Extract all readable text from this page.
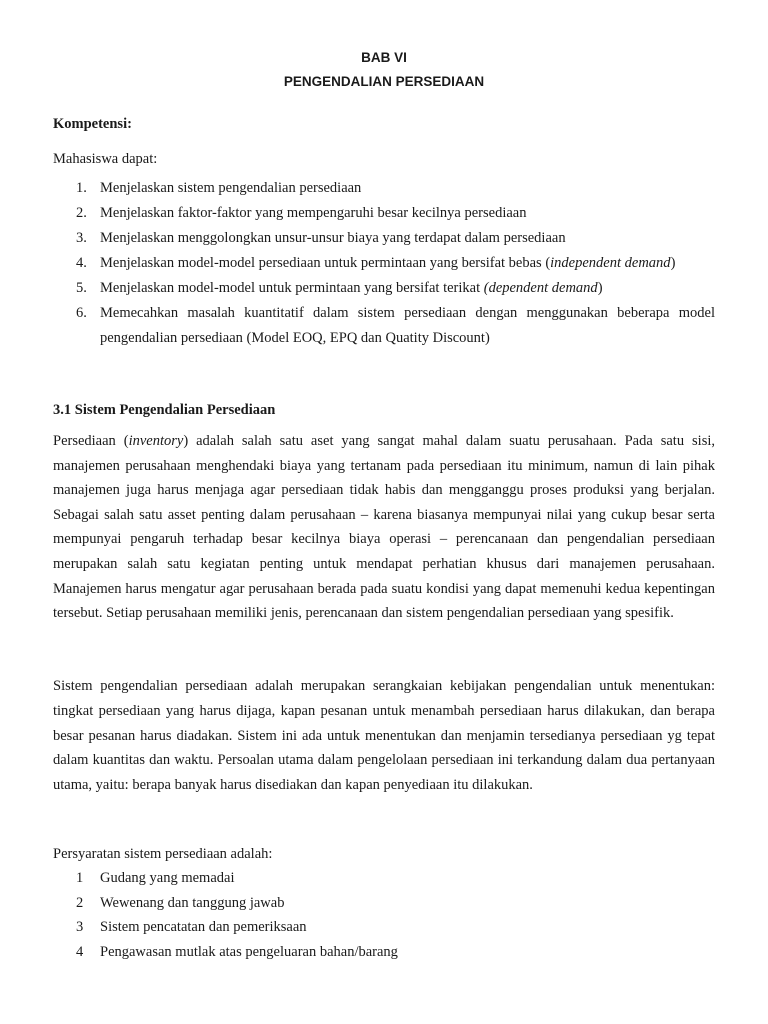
BAB VI
PENGENDALIAN PERSEDIAAN
Kompetensi:
Mahasiswa dapat:
1. Menjelaskan sistem pengendalian persediaan
2. Menjelaskan faktor-faktor yang mempengaruhi besar kecilnya persediaan
3. Menjelaskan menggolongkan unsur-unsur biaya yang terdapat dalam persediaan
4. Menjelaskan model-model persediaan untuk permintaan yang bersifat bebas (independent demand)
5. Menjelaskan model-model untuk permintaan yang bersifat terikat (dependent demand)
6. Memecahkan masalah kuantitatif dalam sistem persediaan dengan menggunakan beberapa model pengendalian persediaan (Model EOQ, EPQ dan Quatity Discount)
3.1 Sistem Pengendalian Persediaan

Persediaan (inventory) adalah salah satu aset yang sangat mahal dalam suatu perusahaan. Pada satu sisi, manajemen perusahaan menghendaki biaya yang tertanam pada persediaan itu minimum, namun di lain pihak manajemen juga harus menjaga agar persediaan tidak habis dan mengganggu proses produksi yang berjalan. Sebagai salah satu asset penting dalam perusahaan – karena biasanya mempunyai nilai yang cukup besar serta mempunyai pengaruh terhadap besar kecilnya biaya operasi – perencanaan dan pengendalian persediaan merupakan salah satu kegiatan penting untuk mendapat perhatian khusus dari manajemen perusahaan. Manajemen harus mengatur agar perusahaan berada pada suatu kondisi yang dapat memenuhi kedua kepentingan tersebut. Setiap perusahaan memiliki jenis, perencanaan dan sistem pengendalian persediaan yang spesifik.

Sistem pengendalian persediaan adalah merupakan serangkaian kebijakan pengendalian untuk menentukan: tingkat persediaan yang harus dijaga, kapan pesanan untuk menambah persediaan harus dilakukan, dan berapa besar pesanan harus diadakan. Sistem ini ada untuk menentukan dan menjamin tersedianya persediaan yg tepat dalam kuantitas dan waktu. Persoalan utama dalam pengelolaan persediaan ini terkandung dalam dua pertanyaan utama, yaitu: berapa banyak harus disediakan dan kapan penyediaan itu dilakukan.

Persyaratan sistem persediaan adalah:
1 Gudang yang memadai
2 Wewenang dan tanggung jawab
3 Sistem pencatatan dan pemeriksaan
4 Pengawasan mutlak atas pengeluaran bahan/barang
